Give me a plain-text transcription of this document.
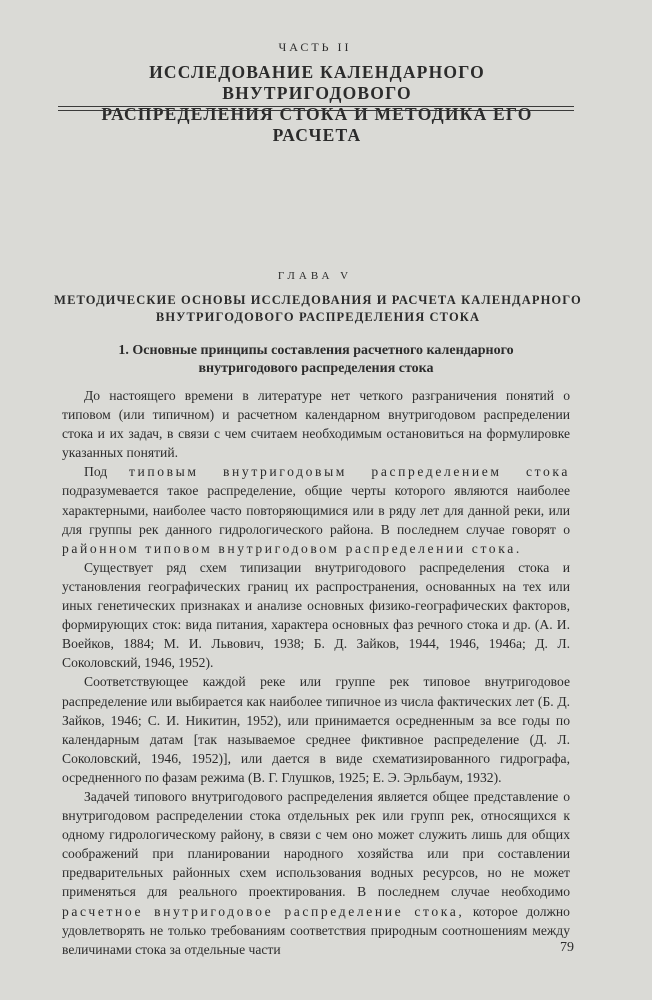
ЧАСТЬ II
ИССЛЕДОВАНИЕ КАЛЕНДАРНОГО ВНУТРИГОДОВОГО
РАСПРЕДЕЛЕНИЯ СТОКА И МЕТОДИКА ЕГО РАСЧЕТА
ГЛАВА V
МЕТОДИЧЕСКИЕ ОСНОВЫ ИССЛЕДОВАНИЯ И РАСЧЕТА КАЛЕНДАРНОГО
ВНУТРИГОДОВОГО РАСПРЕДЕЛЕНИЯ СТОКА
1. Основные принципы составления расчетного календарного
внутригодового распределения стока

До настоящего времени в литературе нет четкого разграничения понятий о типовом (или типичном) и расчетном календарном внутригодовом распределении стока и их задач, в связи с чем считаем необходимым остановиться на формулировке указанных понятий.

Под типовым внутригодовым распределением стока подразумевается такое распределение, общие черты которого являются наиболее характерными, наиболее часто повторяющимися или в ряду лет для данной реки, или для группы рек данного гидрологического района. В последнем случае говорят о районном типовом внутригодовом распределении стока.

Существует ряд схем типизации внутригодового распределения стока и установления географических границ их распространения, основанных на тех или иных генетических признаках и анализе основных физико-географических факторов, формирующих сток: вида питания, характера основных фаз речного стока и др. (А. И. Воейков, 1884; М. И. Львович, 1938; Б. Д. Зайков, 1944, 1946, 1946а; Д. Л. Соколовский, 1946, 1952).

Соответствующее каждой реке или группе рек типовое внутригодовое распределение или выбирается как наиболее типичное из числа фактических лет (Б. Д. Зайков, 1946; С. И. Никитин, 1952), или принимается осредненным за все годы по календарным датам [так называемое среднее фиктивное распределение (Д. Л. Соколовский, 1946, 1952)], или дается в виде схематизированного гидрографа, осредненного по фазам режима (В. Г. Глушков, 1925; Е. Э. Эрльбаум, 1932).

Задачей типового внутригодового распределения является общее представление о внутригодовом распределении стока отдельных рек или групп рек, относящихся к одному гидрологическому району, в связи с чем оно может служить лишь для общих соображений при планировании народного хозяйства или при составлении предварительных районных схем использования водных ресурсов, но не может применяться для реального проектирования. В последнем случае необходимо расчетное внутригодовое распределение стока, которое должно удовлетворять не только требованиям соответствия природным соотношениям между величинами стока за отдельные части	79
